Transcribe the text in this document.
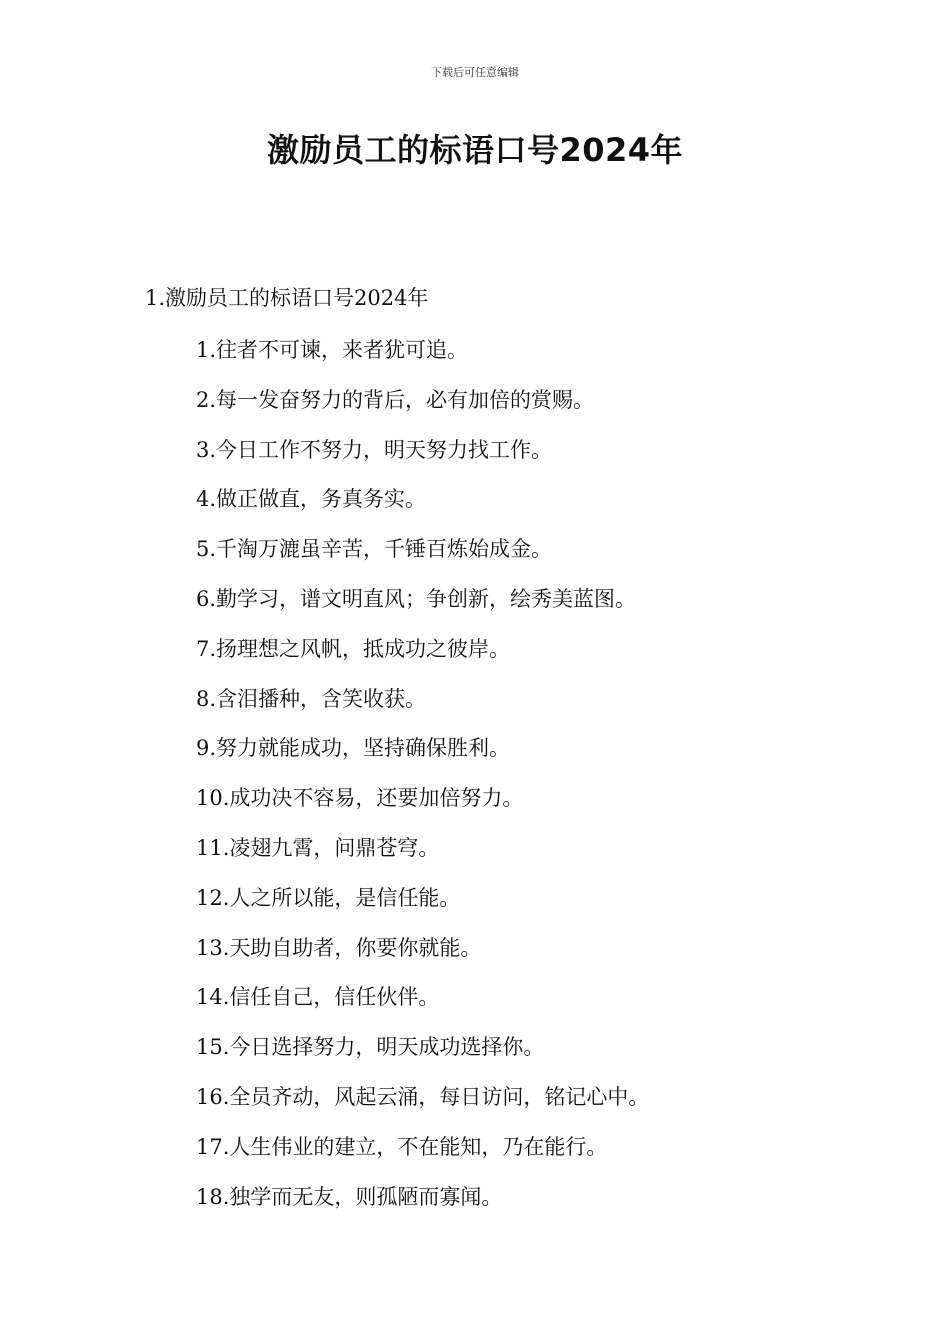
下载后可任意编辑
激励员工的标语口号2024年
1.激励员工的标语口号2024年
1.往者不可谏，来者犹可追。
2.每一发奋努力的背后，必有加倍的赏赐。
3.今日工作不努力，明天努力找工作。
4.做正做直，务真务实。
5.千淘万漉虽辛苦，千锤百炼始成金。
6.勤学习，谱文明直风；争创新，绘秀美蓝图。
7.扬理想之风帆，抵成功之彼岸。
8.含泪播种，含笑收获。
9.努力就能成功，坚持确保胜利。
10.成功决不容易，还要加倍努力。
11.凌翅九霄，问鼎苍穹。
12.人之所以能，是信任能。
13.天助自助者，你要你就能。
14.信任自己，信任伙伴。
15.今日选择努力，明天成功选择你。
16.全员齐动，风起云涌，每日访问，铭记心中。
17.人生伟业的建立，不在能知，乃在能行。
18.独学而无友，则孤陋而寡闻。
